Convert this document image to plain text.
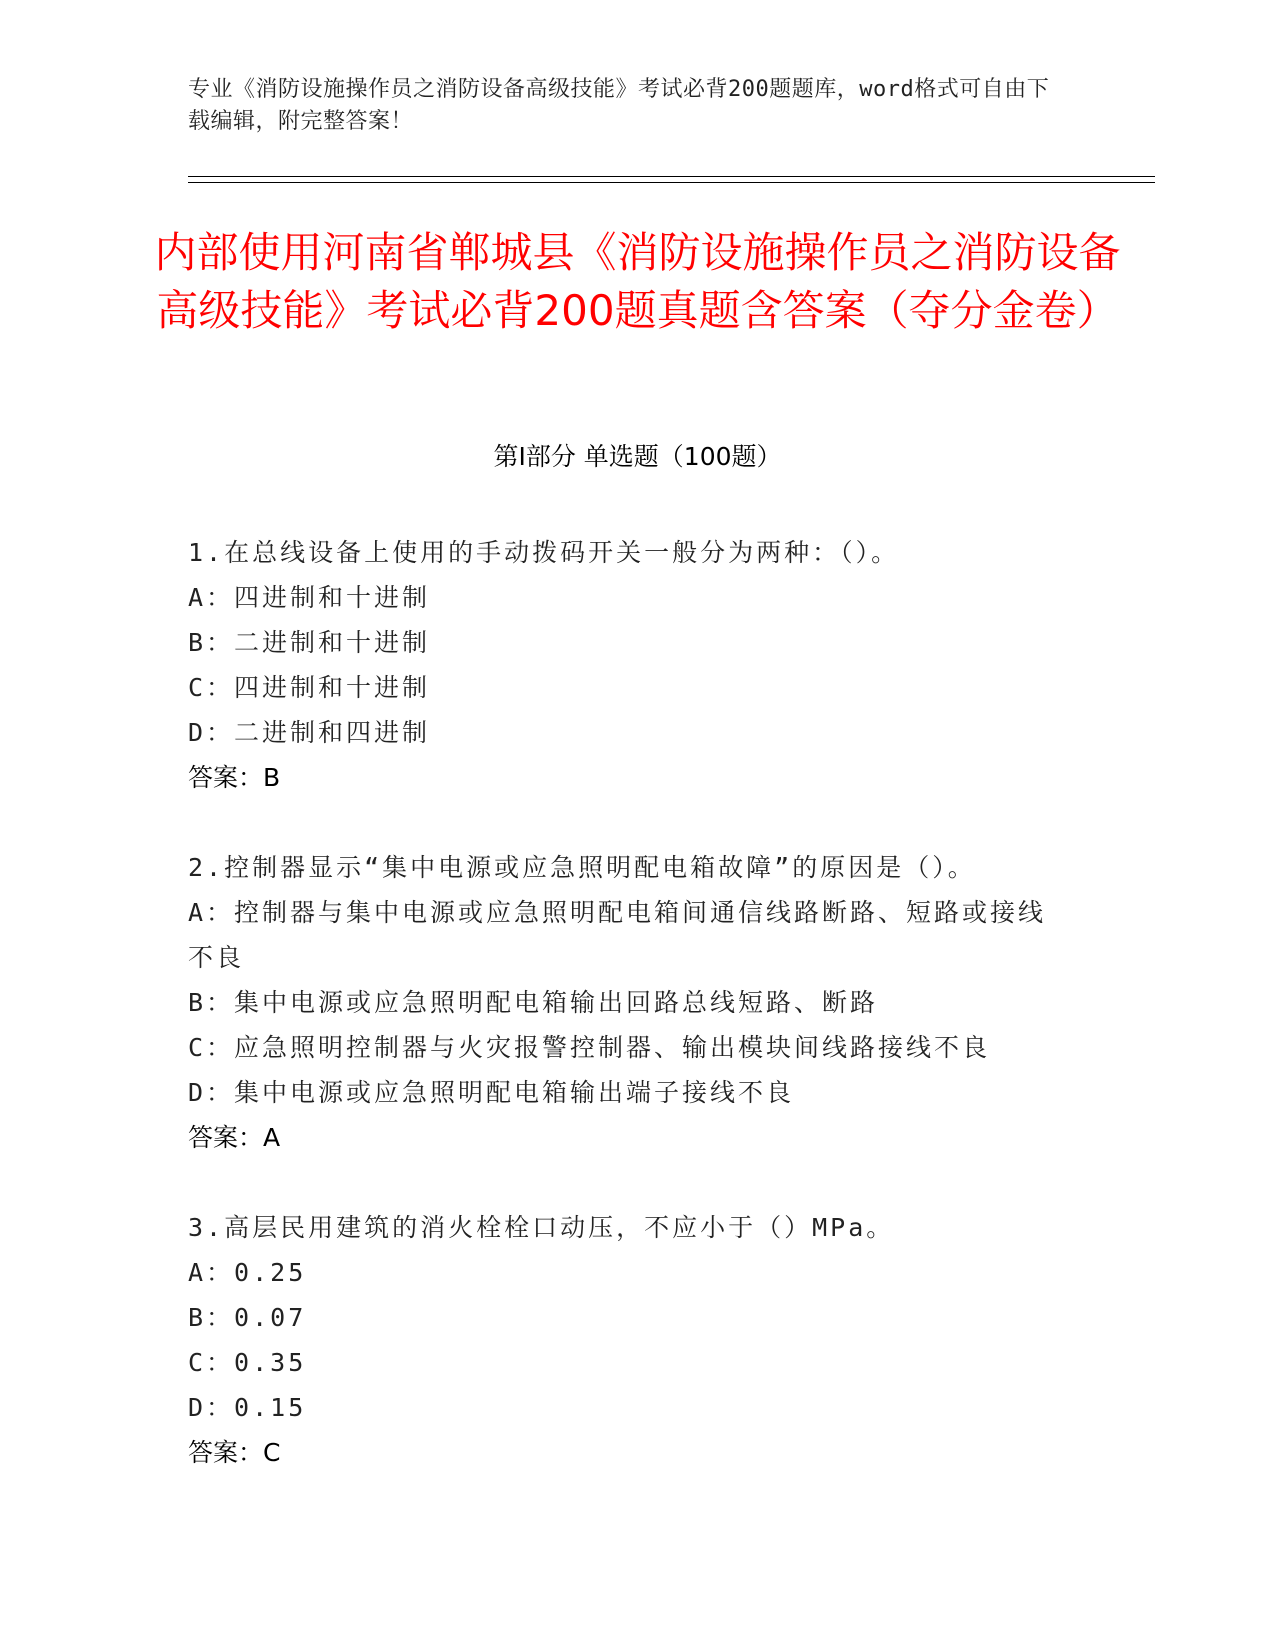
专业《消防设施操作员之消防设备高级技能》考试必背200题题库，word格式可自由下载编辑，附完整答案！
内部使用河南省郸城县《消防设施操作员之消防设备高级技能》考试必背200题真题含答案（夺分金卷）
第I部分 单选题（100题）
1.在总线设备上使用的手动拨码开关一般分为两种：（）。
A：四进制和十进制
B：二进制和十进制
C：四进制和十进制
D：二进制和四进制
答案：B
2.控制器显示“集中电源或应急照明配电箱故障”的原因是（）。
A：控制器与集中电源或应急照明配电箱间通信线路断路、短路或接线不良
B：集中电源或应急照明配电箱输出回路总线短路、断路
C：应急照明控制器与火灾报警控制器、输出模块间线路接线不良
D：集中电源或应急照明配电箱输出端子接线不良
答案：A
3.高层民用建筑的消火栓栓口动压，不应小于（）MPa。
A：0.25
B：0.07
C：0.35
D：0.15
答案：C
